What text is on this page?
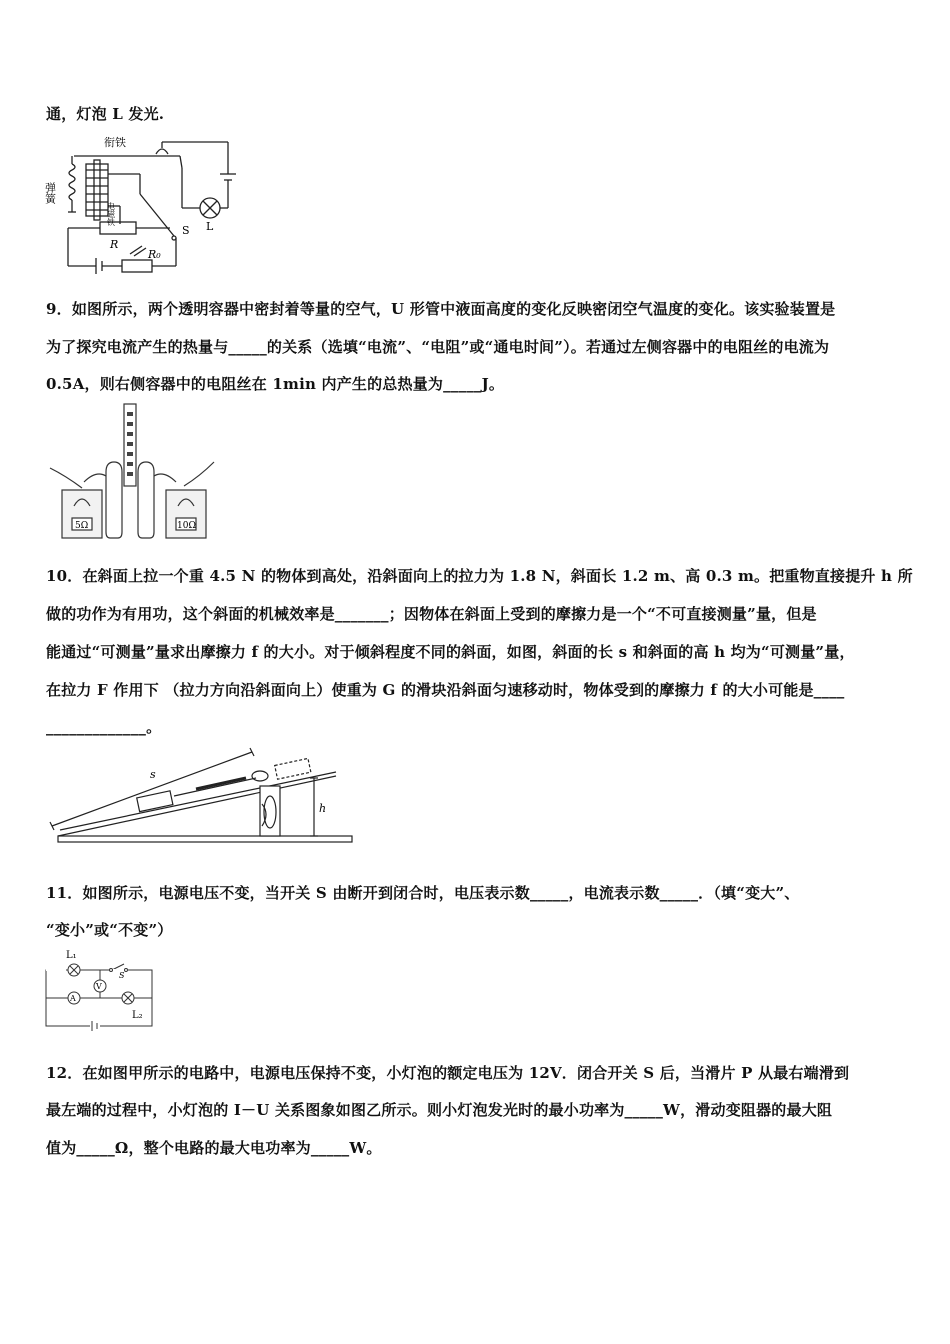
通，灯泡 L 发光.
衔铁
弹簧
电磁铁
R
R₀
S L
9．如图所示，两个透明容器中密封着等量的空气，U 形管中液面高度的变化反映密闭空气温度的变化。该实验装置是
为了探究电流产生的热量与_____的关系（选填“电流”、“电阻”或“通电时间”）。若通过左侧容器中的电阻丝的电流为
0.5A，则右侧容器中的电阻丝在 1min 内产生的总热量为_____J。
5Ω	10Ω
10．在斜面上拉一个重 4.5 N 的物体到高处，沿斜面向上的拉力为 1.8 N，斜面长 1.2 m、高 0.3 m。把重物直接提升 h 所
做的功作为有用功，这个斜面的机械效率是_______；因物体在斜面上受到的摩擦力是一个“不可直接测量”量，但是
能通过“可测量”量求出摩擦力 f 的大小。对于倾斜程度不同的斜面，如图，斜面的长 s 和斜面的高 h 均为“可测量”量，
在拉力 F 作用下 （拉力方向沿斜面向上）使重为 G 的滑块沿斜面匀速移动时，物体受到的摩擦力 f 的大小可能是____
_____________。
s
h
11．如图所示，电源电压不变，当开关 S 由断开到闭合时，电压表示数_____，电流表示数_____．（填“变大”、
“变小”或“不变”）
L₁
S
A
V
L₂
12．在如图甲所示的电路中，电源电压保持不变，小灯泡的额定电压为 12V．闭合开关 S 后，当滑片 P 从最右端滑到
最左端的过程中，小灯泡的 I－U 关系图象如图乙所示。则小灯泡发光时的最小功率为_____W，滑动变阻器的最大阻
值为_____Ω，整个电路的最大电功率为_____W。
